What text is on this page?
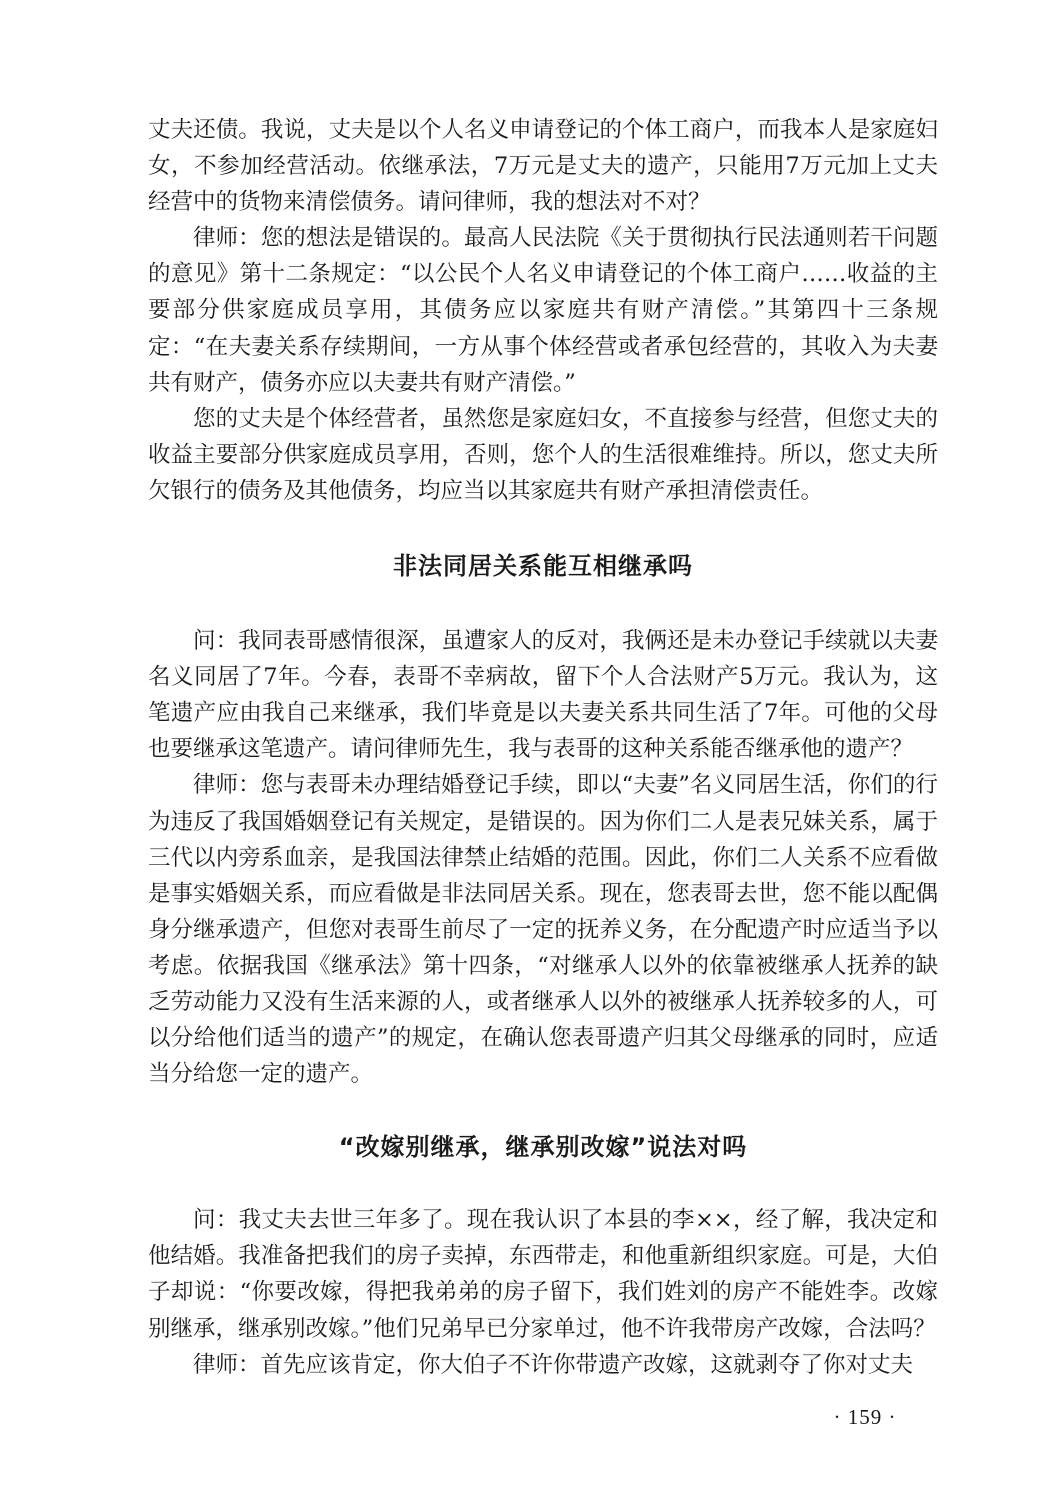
丈夫还债。我说，丈夫是以个人名义申请登记的个体工商户，而我本人是家庭妇女，不参加经营活动。依继承法，7万元是丈夫的遗产，只能用7万元加上丈夫经营中的货物来清偿债务。请问律师，我的想法对不对？

律师：您的想法是错误的。最高人民法院《关于贯彻执行民法通则若干问题的意见》第十二条规定：“以公民个人名义申请登记的个体工商户……收益的主要部分供家庭成员享用，其债务应以家庭共有财产清偿。”其第四十三条规定：“在夫妻关系存续期间，一方从事个体经营或者承包经营的，其收入为夫妻共有财产，债务亦应以夫妻共有财产清偿。”

您的丈夫是个体经营者，虽然您是家庭妇女，不直接参与经营，但您丈夫的收益主要部分供家庭成员享用，否则，您个人的生活很难维持。所以，您丈夫所欠银行的债务及其他债务，均应当以其家庭共有财产承担清偿责任。

非法同居关系能互相继承吗

问：我同表哥感情很深，虽遭家人的反对，我俩还是未办登记手续就以夫妻名义同居了7年。今春，表哥不幸病故，留下个人合法财产5万元。我认为，这笔遗产应由我自己来继承，我们毕竟是以夫妻关系共同生活了7年。可他的父母也要继承这笔遗产。请问律师先生，我与表哥的这种关系能否继承他的遗产？

律师：您与表哥未办理结婚登记手续，即以“夫妻”名义同居生活，你们的行为违反了我国婚姻登记有关规定，是错误的。因为你们二人是表兄妹关系，属于三代以内旁系血亲，是我国法律禁止结婚的范围。因此，你们二人关系不应看做是事实婚姻关系，而应看做是非法同居关系。现在，您表哥去世，您不能以配偶身分继承遗产，但您对表哥生前尽了一定的抚养义务，在分配遗产时应适当予以考虑。依据我国《继承法》第十四条，“对继承人以外的依靠被继承人抚养的缺乏劳动能力又没有生活来源的人，或者继承人以外的被继承人抚养较多的人，可以分给他们适当的遗产”的规定，在确认您表哥遗产归其父母继承的同时，应适当分给您一定的遗产。

“改嫁别继承，继承别改嫁”说法对吗

问：我丈夫去世三年多了。现在我认识了本县的李××，经了解，我决定和他结婚。我准备把我们的房子卖掉，东西带走，和他重新组织家庭。可是，大伯子却说：“你要改嫁，得把我弟弟的房子留下，我们姓刘的房产不能姓李。改嫁别继承，继承别改嫁。”他们兄弟早已分家单过，他不许我带房产改嫁，合法吗？

律师：首先应该肯定，你大伯子不许你带遗产改嫁，这就剥夺了你对丈夫

· 159 ·
